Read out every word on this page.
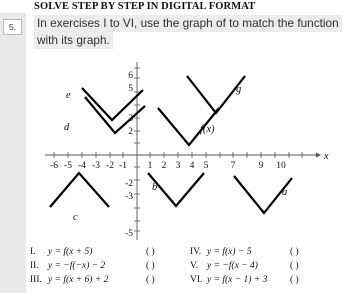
SOLVE STEP BY STEP IN DIGITAL FORMAT
5.	In exercises I to VI, use the graph of to match the function with its graph.
-6 -5 -4 -3 -2 -1 1 2 3 4 5 7 9 10
6
5
3
2
-2
-3
-5
x
e
d
g
f(x)
b	a
c
I. y = f(x + 5)	( )
II. y = −f(−x) − 2	( )
III. y = f(x + 6) + 2	( )
IV. y = f(x) − 5	( )
V. y = −f(x − 4)	( )
VI. y = f(x − 1) + 3 ( )
